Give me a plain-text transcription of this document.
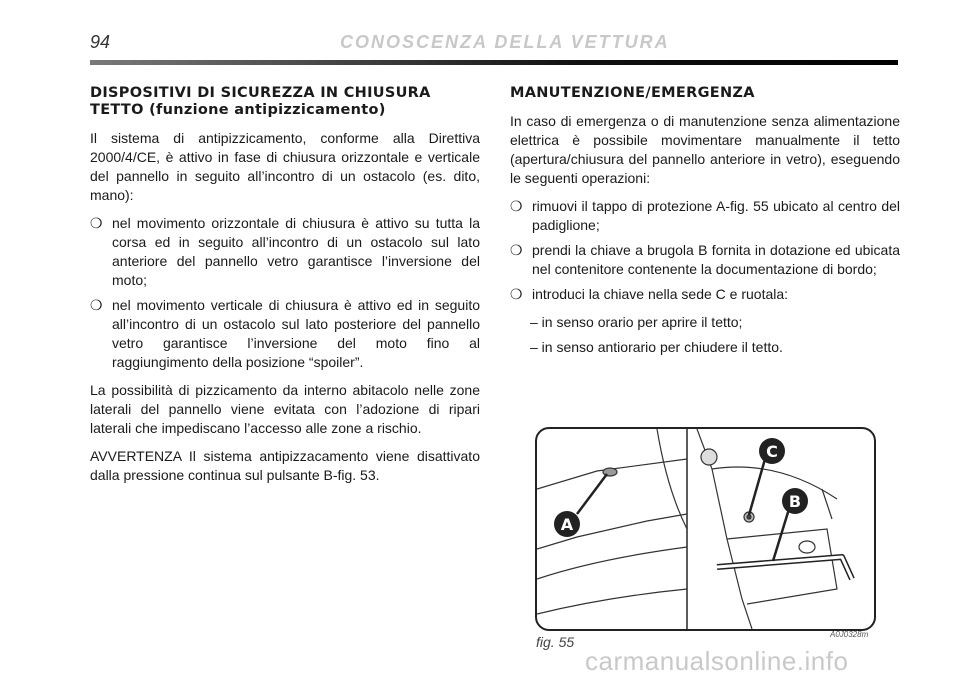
94	CONOSCENZA DELLA VETTURA
DISPOSITIVI DI SICUREZZA IN CHIUSURA
TETTO (funzione antipizzicamento)

Il sistema di antipizzicamento, conforme alla Direttiva 2000/4/CE, è attivo in fase di chiusura orizzontale e verticale del pannello in seguito all’incontro di un ostacolo (es. dito, mano):

❍ nel movimento orizzontale di chiusura è attivo su tutta la corsa ed in seguito all’incontro di un ostacolo sul lato anteriore del pannello vetro garantisce l’inversione del moto;
❍ nel movimento verticale di chiusura è attivo ed in seguito all’incontro di un ostacolo sul lato posteriore del pannello vetro garantisce l’inversione del moto fino al raggiungimento della posizione “spoiler”.

La possibilità di pizzicamento da interno abitacolo nelle zone laterali del pannello viene evitata con l’adozione di ripari laterali che impediscano l’accesso alle zone a rischio.

AVVERTENZA Il sistema antipizzacamento viene disattivato dalla pressione continua sul pulsante B-fig. 53.

MANUTENZIONE/EMERGENZA

In caso di emergenza o di manutenzione senza alimentazione elettrica è possibile movimentare manualmente il tetto (apertura/chiusura del pannello anteriore in vetro), eseguendo le seguenti operazioni:

❍ rimuovi il tappo di protezione A-fig. 55 ubicato al centro del padiglione;
❍ prendi la chiave a brugola B fornita in dotazione ed ubicata nel contenitore contenente la documentazione di bordo;
❍ introduci la chiave nella sede C e ruotala:
– in senso orario per aprire il tetto;
– in senso antiorario per chiudere il tetto.
A
C
B
fig. 55	A0J0328m
carmanualsonline.info
